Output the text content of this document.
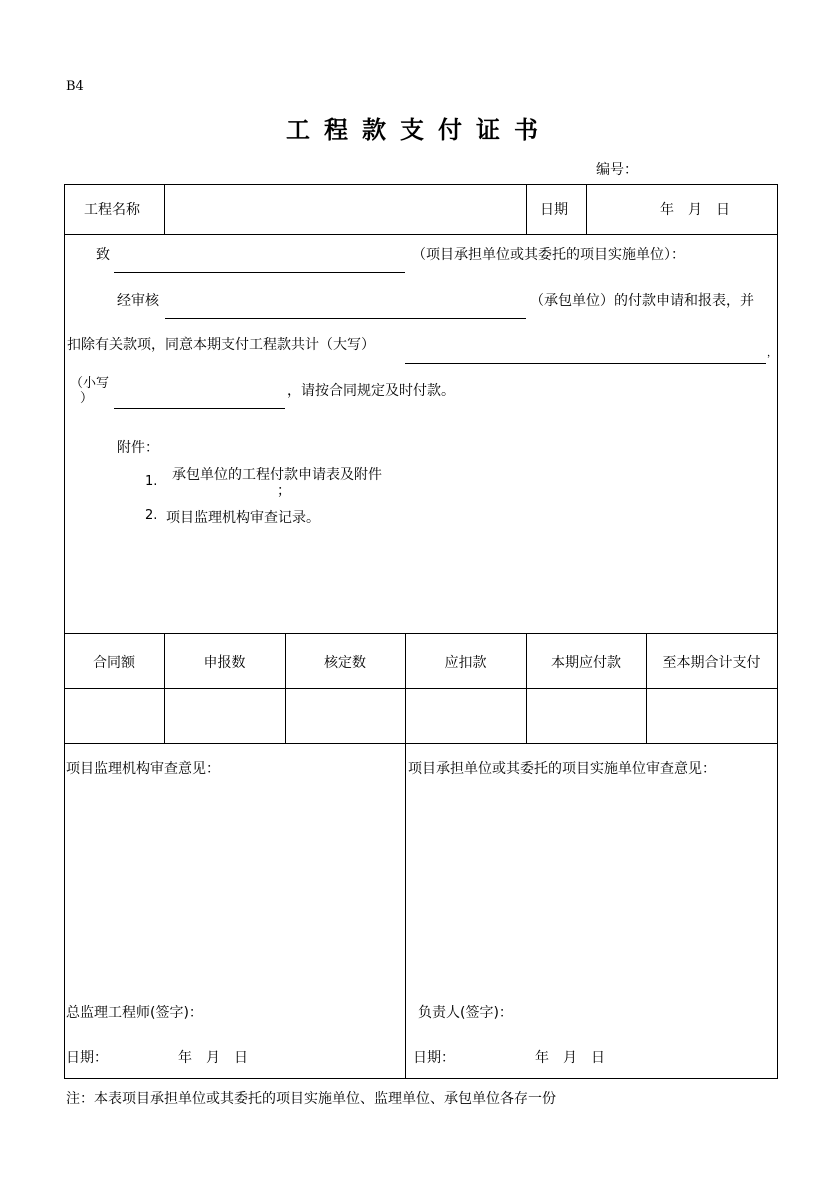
B4
工程款支付证书
编号：
工程名称	日期	年　月　日
致	（项目承担单位或其委托的项目实施单位）：
经审核	（承包单位）的付款申请和报表，并
扣除有关款项，同意本期支付工程款共计（大写）
，
（小写
）	，请按合同规定及时付款。
附件：
1. 承包单位的工程付款申请表及附件
；
2. 项目监理机构审查记录。
合同额	申报数	核定数	应扣款	本期应付款	至本期合计支付
项目监理机构审查意见：
总监理工程师(签字)：
日期：	年　月　日
项目承担单位或其委托的项目实施单位审查意见：
负责人(签字)：
日期：	年　月　日
注：本表项目承担单位或其委托的项目实施单位、监理单位、承包单位各存一份
